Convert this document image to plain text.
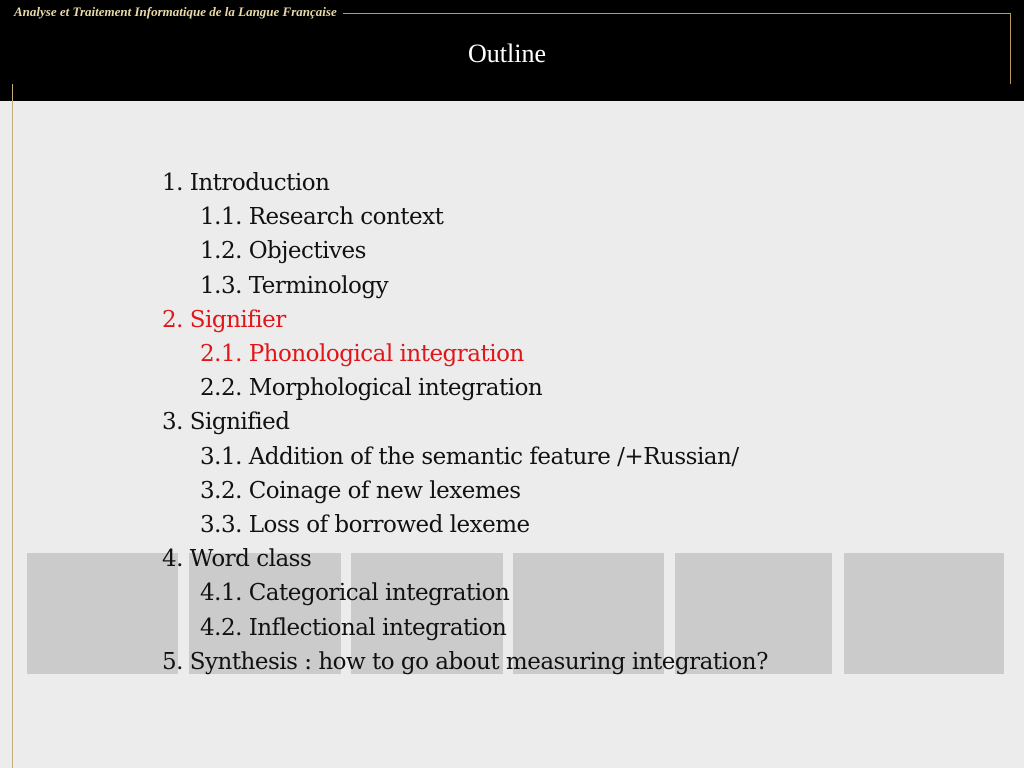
Analyse et Traitement Informatique de la Langue Française
Outline
1. Introduction
1.1. Research context
1.2. Objectives
1.3. Terminology
2. Signifier
2.1. Phonological integration
2.2. Morphological integration
3. Signified
3.1. Addition of the semantic feature /+Russian/
3.2. Coinage of new lexemes
3.3. Loss of borrowed lexeme
4. Word class
4.1. Categorical integration
4.2. Inflectional integration
5. Synthesis : how to go about measuring integration?
